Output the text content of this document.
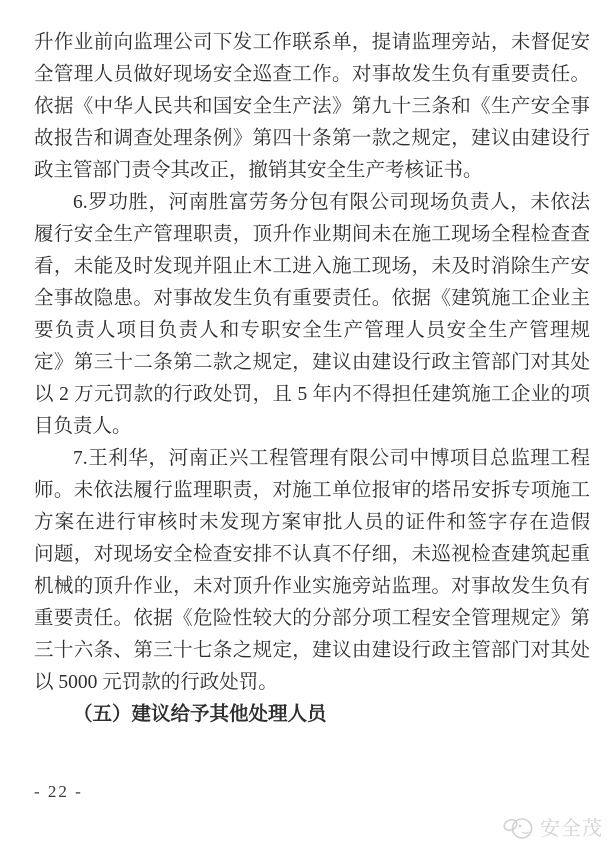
升作业前向监理公司下发工作联系单，提请监理旁站，未督促安
全管理人员做好现场安全巡查工作。对事故发生负有重要责任。
依据《中华人民共和国安全生产法》第九十三条和《生产安全事
故报告和调查处理条例》第四十条第一款之规定，建议由建设行
政主管部门责令其改正，撤销其安全生产考核证书。
6.罗功胜，河南胜富劳务分包有限公司现场负责人，未依法
履行安全生产管理职责，顶升作业期间未在施工现场全程检查查
看，未能及时发现并阻止木工进入施工现场，未及时消除生产安
全事故隐患。对事故发生负有重要责任。依据《建筑施工企业主
要负责人项目负责人和专职安全生产管理人员安全生产管理规
定》第三十二条第二款之规定，建议由建设行政主管部门对其处
以 2 万元罚款的行政处罚，且 5 年内不得担任建筑施工企业的项
目负责人。
7.王利华，河南正兴工程管理有限公司中博项目总监理工程
师。未依法履行监理职责，对施工单位报审的塔吊安拆专项施工
方案在进行审核时未发现方案审批人员的证件和签字存在造假
问题，对现场安全检查安排不认真不仔细，未巡视检查建筑起重
机械的顶升作业，未对顶升作业实施旁站监理。对事故发生负有
重要责任。依据《危险性较大的分部分项工程安全管理规定》第
三十六条、第三十七条之规定，建议由建设行政主管部门对其处
以 5000 元罚款的行政处罚。
（五）建议给予其他处理人员
- 22 -
安全茂
